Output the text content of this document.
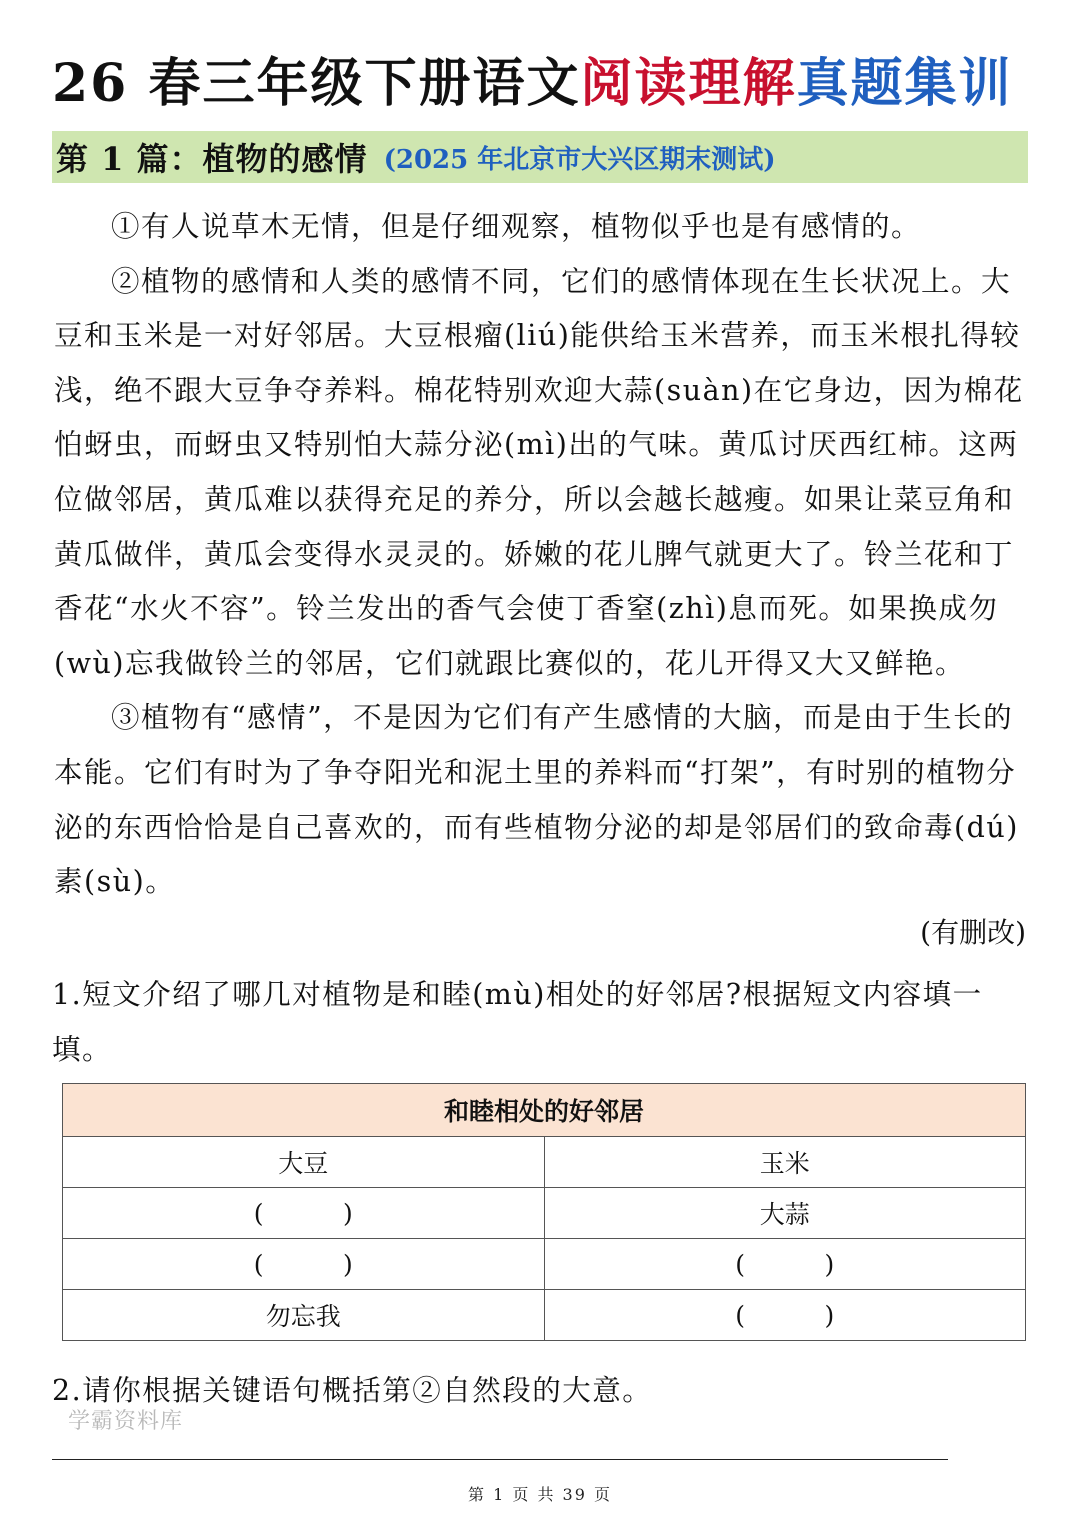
26 春三年级下册语文阅读理解真题集训
第 1 篇：植物的感情 (2025 年北京市大兴区期末测试)

①有人说草木无情，但是仔细观察，植物似乎也是有感情的。

②植物的感情和人类的感情不同，它们的感情体现在生长状况上。大豆和玉米是一对好邻居。大豆根瘤(liú)能供给玉米营养，而玉米根扎得较浅，绝不跟大豆争夺养料。棉花特别欢迎大蒜(suàn)在它身边，因为棉花怕蚜虫，而蚜虫又特别怕大蒜分泌(mì)出的气味。黄瓜讨厌西红柿。这两位做邻居，黄瓜难以获得充足的养分，所以会越长越瘦。如果让菜豆角和黄瓜做伴，黄瓜会变得水灵灵的。娇嫩的花儿脾气就更大了。铃兰花和丁香花“水火不容”。铃兰发出的香气会使丁香窒(zhì)息而死。如果换成勿(wù)忘我做铃兰的邻居，它们就跟比赛似的，花儿开得又大又鲜艳。

③植物有“感情”，不是因为它们有产生感情的大脑，而是由于生长的本能。它们有时为了争夺阳光和泥土里的养料而“打架”，有时别的植物分泌的东西恰恰是自己喜欢的，而有些植物分泌的却是邻居们的致命毒(dú)素(sù)。

(有删改)
1.短文介绍了哪几对植物是和睦(mù)相处的好邻居?根据短文内容填一填。
和睦相处的好邻居	
大豆	玉米
(          )	大蒜
(          )	(          )
勿忘我	(          )
2.请你根据关键语句概括第②自然段的大意。
学霸资料库
第 1 页 共 39 页
